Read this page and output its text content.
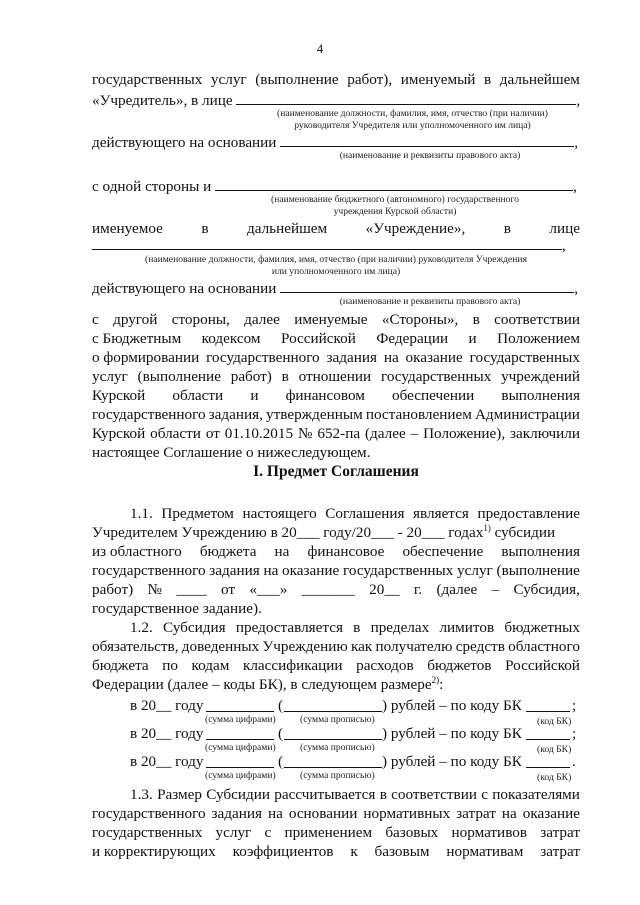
4
государственных услуг (выполнение работ), именуемый в дальнейшем
«Учредитель», в лице	,
(наименование должности, фамилия, имя, отчество (при наличии)
руководителя Учредителя или уполномоченного им лица)
действующего на основании	,
(наименование и реквизиты правового акта)
с одной стороны и	,
(наименование бюджетного (автономного) государственного
учреждения Курской области)
именуемое	в	дальнейшем	«Учреждение»,	в	лице
,
(наименование должности, фамилия, имя, отчество (при наличии) руководителя Учреждения
или уполномоченного им лица)
действующего на основании	,
(наименование и реквизиты правового акта)
с другой стороны, далее именуемые «Стороны», в соответствии
с Бюджетным кодексом Российской Федерации и Положением
о формировании государственного задания на оказание государственных
услуг (выполнение работ) в отношении государственных учреждений
Курской области и финансовом обеспечении выполнения
государственного задания, утвержденным постановлением Администрации
Курской области от 01.10.2015 № 652-па (далее – Положение), заключили
настоящее Соглашение о нижеследующем.
I. Предмет Соглашения
1.1. Предметом настоящего Соглашения является предоставление
Учредителем Учреждению в 20___ году/20___ - 20___ годах$^{1)}$ субсидии
из областного бюджета на финансовое обеспечение выполнения
государственного задания на оказание государственных услуг (выполнение
работ) № ____ от «___» _______ 20__ г. (далее – Субсидия,
государственное задание).
1.2. Субсидия предоставляется в пределах лимитов бюджетных
обязательств, доведенных Учреждению как получателю средств областного
бюджета по кодам классификации расходов бюджетов Российской
Федерации (далее – коды БК), в следующем размере$^{2)}$:
в 20__ году	(	) рублей – по коду БК	;
(сумма цифрами)	(сумма прописью)	(код БК)
в 20__ году	(	) рублей – по коду БК	;
(сумма цифрами)	(сумма прописью)	(код БК)
в 20__ году	(	) рублей – по коду БК	.
(сумма цифрами)	(сумма прописью)	(код БК)
1.3. Размер Субсидии рассчитывается в соответствии с показателями
государственного задания на основании нормативных затрат на оказание
государственных услуг с применением базовых нормативов затрат
и корректирующих коэффициентов к базовым нормативам затрат
